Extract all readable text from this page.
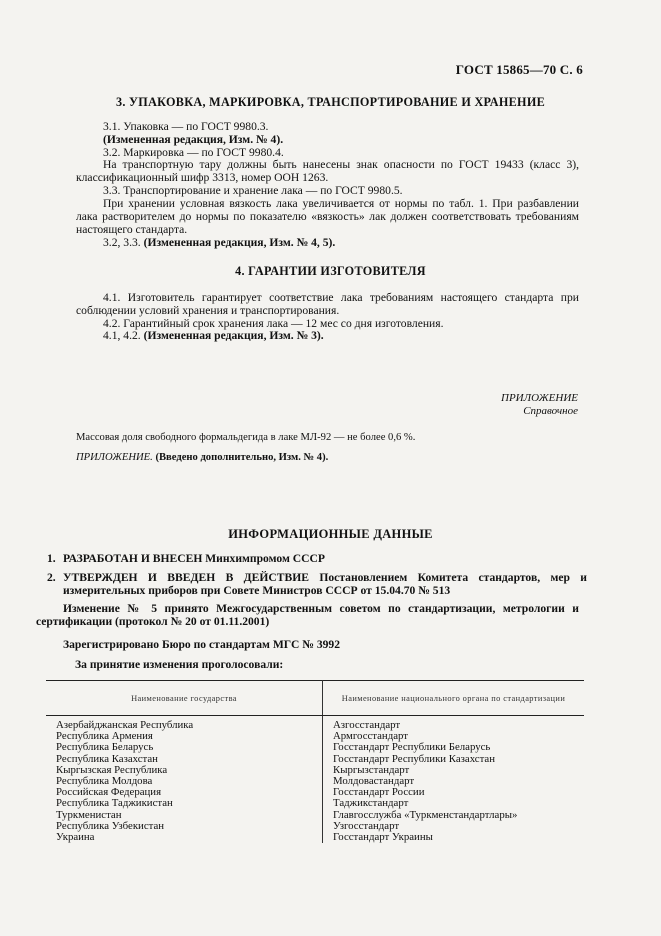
ГОСТ 15865—70 С. 6
3. УПАКОВКА, МАРКИРОВКА, ТРАНСПОРТИРОВАНИЕ И ХРАНЕНИЕ
3.1. Упаковка — по ГОСТ 9980.3.
(Измененная редакция, Изм. № 4).
3.2. Маркировка — по ГОСТ 9980.4.
На транспортную тару должны быть нанесены знак опасности по ГОСТ 19433 (класс 3), классификационный шифр 3313, номер ООН 1263.
3.3. Транспортирование и хранение лака — по ГОСТ 9980.5.
При хранении условная вязкость лака увеличивается от нормы по табл. 1. При разбавлении лака растворителем до нормы по показателю «вязкость» лак должен соответствовать требованиям настоящего стандарта.
3.2, 3.3. (Измененная редакция, Изм. № 4, 5).
4. ГАРАНТИИ ИЗГОТОВИТЕЛЯ
4.1. Изготовитель гарантирует соответствие лака требованиям настоящего стандарта при соблюдении условий хранения и транспортирования.
4.2. Гарантийный срок хранения лака — 12 мес со дня изготовления.
4.1, 4.2. (Измененная редакция, Изм. № 3).
ПРИЛОЖЕНИЕ
Справочное
Массовая доля свободного формальдегида в лаке МЛ-92 — не более 0,6 %.
ПРИЛОЖЕНИЕ. (Введено дополнительно, Изм. № 4).
ИНФОРМАЦИОННЫЕ ДАННЫЕ
1. РАЗРАБОТАН И ВНЕСЕН Минхимпромом СССР
2. УТВЕРЖДЕН И ВВЕДЕН В ДЕЙСТВИЕ Постановлением Комитета стандартов, мер и измерительных приборов при Совете Министров СССР от 15.04.70 № 513
Изменение № 5 принято Межгосударственным советом по стандартизации, метрологии и сертификации (протокол № 20 от 01.11.2001)
Зарегистрировано Бюро по стандартам МГС № 3992
За принятие изменения проголосовали:
Наименование государства	Наименование национального органа по стандартизации
Азербайджанская Республика	Азгосстандарт
Республика Армения	Армгосстандарт
Республика Беларусь	Госстандарт Республики Беларусь
Республика Казахстан	Госстандарт Республики Казахстан
Кыргызская Республика	Кыргызстандарт
Республика Молдова	Молдовастандарт
Российская Федерация	Госстандарт России
Республика Таджикистан	Таджикстандарт
Туркменистан	Главгосслужба «Туркменстандартлары»
Республика Узбекистан	Узгосстандарт
Украина	Госстандарт Украины
